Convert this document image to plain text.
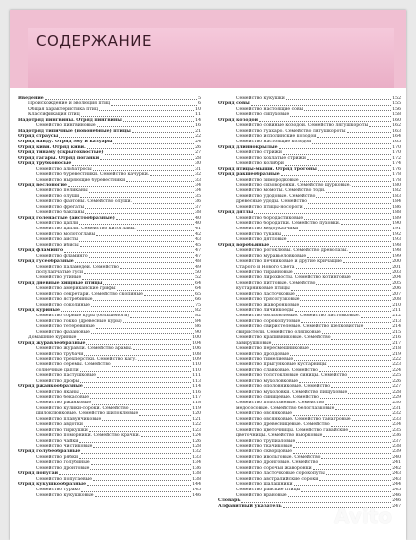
СОДЕРЖАНИЕ
Введение	5
Происхождение и эволюция птиц	6
Общая характеристика птиц	10
Классификация птиц	11
Надотряд пингвины. Отряд пингвины	14
Семейство пингвиновые	16
Надотряд типичные (новонёбные) птицы	21
Отряд страусы	22
Отряд нанду. Отряд эму и казуары	24
Отряд киви. Отряд киви.	26
Отряд тинаму (скрытохвостые)	27
Отряд гагары. Отряд поганки	28
Отряд трубконосые	30
Семейство альбатросы	31
Семейство буревестники. Семейство качурки.	32
Семейство ныряющие буревестники	33
Отряд веслоногие	34
Семейство пеликаны	34
Семейство олуши	35
Семейство фаэтоны. Семейство олуши.	36
Семейство фрегаты	37
Семейство бакланы	38
Отряд голенастые (аистообразные)	40
Семейство цапли	40
Семейство цапли. Семейство китоглавы.	41
Семейство молотоглавы	42
Семейство аисты	43
Семейство ибисы	45
Отряд фламинго	47
Семейство фламинго	47
Отряд гусеобразные	48
Семейство паламедеи. Семейство	49
полулапчатые гуси	50
Семейство утиные	52
Отряд дневные хищные птицы	64
Семейство американские грифы	64
Семейство секретари. Семейство скопиные	65
Семейство ястребиные	66
Семейство соколиные	75
Отряд куриные	82
Семейство сорные куры (большеноги)	82
Семейство гокко (древесные куры)	84
Семейство тетеревиные	86
Семейство фазановые	90
Домашние куриные	100
Отряд журавлеобразные	104
Семейство журавли. Семейство арамы.	106
Семейство трубачи	108
Семейство трёхпёрстки. Семейство кагу.	109
Семейство серемы. Семейство	110
солнечные цапли	110
Семейство пастушковые	111
Семейство дрофы	113
Отряд ржанкообразные	114
Семейство яканы	116
Семейство бекасовые	117
Семейство ржанковые	118
Семейство кулики-сороки. Семейство	119
шилоклювковые. Семейство шилоклювые	120
Семейство плавунчиковые	121
Семейство авдотки	122
Семейство тиркушки	123
Семейство поморники. Семейство крачки.	124
Семейство чайки	126
Семейство чистиковые	128
Отряд голубеобразные	132
Семейство рябки	133
Семейство голубиные	134
Семейство дронтовые	136
Отряд попугаи	138
Семейство попугаевые	138
Отряд кукушкообразные	144
Семейство турако	145
Семейство кукушковые	146
Семейство кукушки	152
Отряд совы	155
Семейство настоящие совы	156
Семейство сипуховые	158
Отряд козодои	160
Семейство совиные козодои. Семейство лягушкороты	162
Семейство гуахаро. Семейство лягушкороты	163
Семейство исполинские козодои	164
Семейство настоящие козодои	165
Отряд длиннокрылые	170
Семейство стрижи	170
Семейство хохлатые стрижи	172
Семейство колибри	174
Отряд птицы-мыши. Отряд трогоны	176
Отряд ракшеобразные	178
Семейство зимородковые	178
Семейство сизоворонки. Семейство щурковые.	180
Семейство момоты. Семейство тоди.	182
Семейство удодовые. Семейство	183
древесные удоды. Семейство	184
Семейство птицы-носороги	186
Отряд дятлы	188
Семейство бородастиковые	189
Семейство бородатки. Семейство пуховки.	190
Семейство медоуказчики	191
Семейство туканы	192
Семейство дятловые	193
Отряд воробьиные	198
Семейство рогоклювы. Семейство древолазы.	198
Семейство муравьеловковые	199
Семейство печниковые и другие кричащие	200
Старого и Нового Света	201
Семейство тиранновые	203
Семейство лирохвосты. Семейство котинговые	204
Семейство питтовые. Семейство	205
кустарниковые птицы	206
Семейство ласточковые	207
Семейство трясогузковые	208
Семейство жаворонковые	210
Семейство личинкоеды	211
Семейство бюльбюлевые. Семейство листовковые.	212
Семейство сорокопутовые	213
Семейство свиристелевые. Семейство шелковистые	214
свиристели. Семейство оляпковые	215
Семейство крапивниковые. Семейство	216
завирушковые	217
Семейство пересмешниковые	218
Семейство дроздовые	219
Семейство тимелиевые	222
Семейство прыгунковые кустарницы	223
Семейство славковые. Семейство	224
Семейство толстоклювые синицы. Семейство	225
Семейство мухоловковые	226
Семейство ополовниковые. Семейство	227
Семейство мухоловки. Семейство пищуховые	228
Семейство синицевые. Семейство	229
Семейство поползневые. Семейство	230
медососовые. Семейство белоглазковые	231
Семейство овсянковые	232
Семейство овсянковые. Семейство танагровые	233
Семейство древесницевые. Семейство	234
Семейство цветочницы. Семейство гавайские	235
цветочницы. Семейство вьюрковые	236
Семейство трупиаловые	237
Семейство ткачиковые	238
Семейство скворцовые	239
Семейство ивольговые. Семейство	240
Семейство дронговые. Семейство	241
Семейство сорочьи жаворонки	242
Семейство ласточковые сорокопуты	243
Семейство австралийские сороки	243
Семейство шалашники	244
Семейство райские птицы	245
Семейство врановые	246
Словарь	246
Алфавитный указатель	247
Avito
